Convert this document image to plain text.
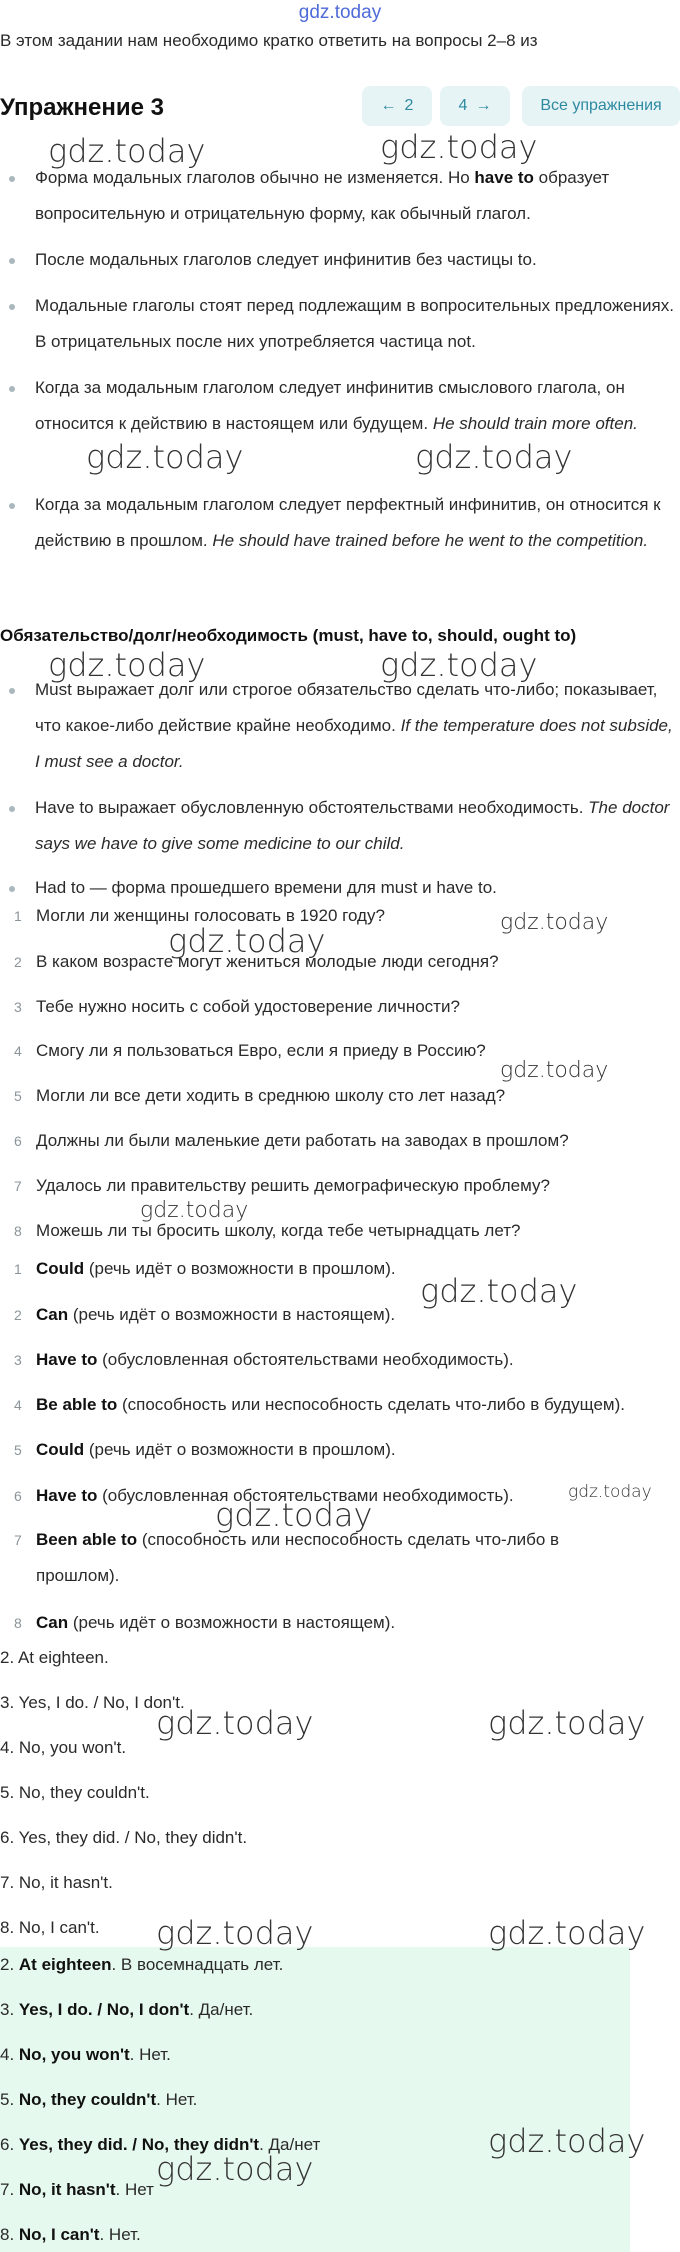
gdz.today
В этом задании нам необходимо кратко ответить на вопросы 2–8 из
Упражнение 3	← 2	4 →	Все упражнения
Форма модальных глаголов обычно не изменяется. Но have to образует вопросительную и отрицательную форму, как обычный глагол.
После модальных глаголов следует инфинитив без частицы to.
Модальные глаголы стоят перед подлежащим в вопросительных предложениях. В отрицательных после них употребляется частица not.
Когда за модальным глаголом следует инфинитив смыслового глагола, он относится к действию в настоящем или будущем. He should train more often.
Когда за модальным глаголом следует перфектный инфинитив, он относится к действию в прошлом. He should have trained before he went to the competition.
Обязательство/долг/необходимость (must, have to, should, ought to)
Must выражает долг или строгое обязательство сделать что-либо; показывает, что какое-либо действие крайне необходимо. If the temperature does not subside, I must see a doctor.
Have to выражает обусловленную обстоятельствами необходимость. The doctor says we have to give some medicine to our child.
Had to — форма прошедшего времени для must и have to.
1 Могли ли женщины голосовать в 1920 году?
2 В каком возрасте могут жениться молодые люди сегодня?
3 Тебе нужно носить с собой удостоверение личности?
4 Смогу ли я пользоваться Евро, если я приеду в Россию?
5 Могли ли все дети ходить в среднюю школу сто лет назад?
6 Должны ли были маленькие дети работать на заводах в прошлом?
7 Удалось ли правительству решить демографическую проблему?
8 Можешь ли ты бросить школу, когда тебе четырнадцать лет?
1 Could (речь идёт о возможности в прошлом).
2 Can (речь идёт о возможности в настоящем).
3 Have to (обусловленная обстоятельствами необходимость).
4 Be able to (способность или неспособность сделать что-либо в будущем).
5 Could (речь идёт о возможности в прошлом).
6 Have to (обусловленная обстоятельствами необходимость).
7 Been able to (способность или неспособность сделать что-либо в прошлом).
8 Can (речь идёт о возможности в настоящем).
2. At eighteen.
3. Yes, I do. / No, I don't.
4. No, you won't.
5. No, they couldn't.
6. Yes, they did. / No, they didn't.
7. No, it hasn't.
8. No, I can't.
2. At eighteen. В восемнадцать лет.
3. Yes, I do. / No, I don't. Да/нет.
4. No, you won't. Нет.
5. No, they couldn't. Нет.
6. Yes, they did. / No, they didn't. Да/нет
7. No, it hasn't. Нет
8. No, I can't. Нет.
gdz.today	gdz.today
gdz.today	gdz.today
gdz.today	gdz.today
gdz.today
gdz.today
gdz.today
gdz.today
gdz.today
gdz.today
gdz.today
gdz.today	gdz.today
gdz.today	gdz.today
gdz.today
gdz.today
